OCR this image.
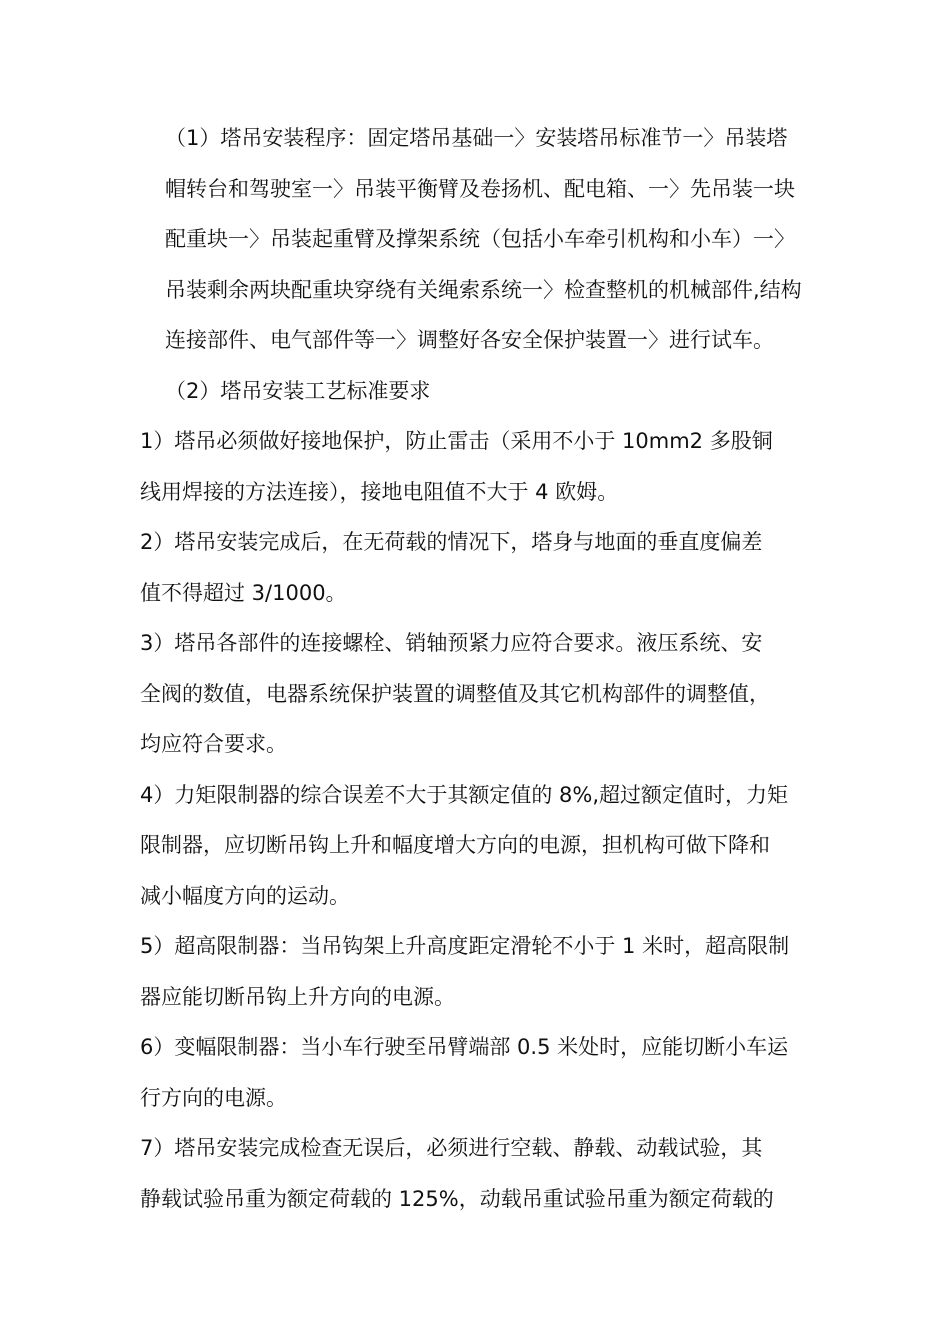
（1）塔吊安装程序：固定塔吊基础一〉安装塔吊标准节一〉吊装塔
帽转台和驾驶室一〉吊装平衡臂及卷扬机、配电箱、一〉先吊装一块
配重块一〉吊装起重臂及撑架系统（包括小车牵引机构和小车）一〉
吊装剩余两块配重块穿绕有关绳索系统一〉检查整机的机械部件,结构
连接部件、电气部件等一〉调整好各安全保护装置一〉进行试车。

（2）塔吊安装工艺标准要求

1）塔吊必须做好接地保护，防止雷击（采用不小于 10mm2 多股铜
线用焊接的方法连接），接地电阻值不大于 4 欧姆。

2）塔吊安装完成后，在无荷载的情况下，塔身与地面的垂直度偏差
值不得超过 3/1000。

3）塔吊各部件的连接螺栓、销轴预紧力应符合要求。液压系统、安
全阀的数值，电器系统保护装置的调整值及其它机构部件的调整值，
均应符合要求。

4）力矩限制器的综合误差不大于其额定值的 8%,超过额定值时，力矩
限制器，应切断吊钩上升和幅度增大方向的电源，担机构可做下降和
减小幅度方向的运动。

5）超高限制器：当吊钩架上升高度距定滑轮不小于 1 米时，超高限制
器应能切断吊钩上升方向的电源。

6）变幅限制器：当小车行驶至吊臂端部 0.5 米处时，应能切断小车运
行方向的电源。

7）塔吊安装完成检查无误后，必须进行空载、静载、动载试验，其
静载试验吊重为额定荷载的 125%，动载吊重试验吊重为额定荷载的
